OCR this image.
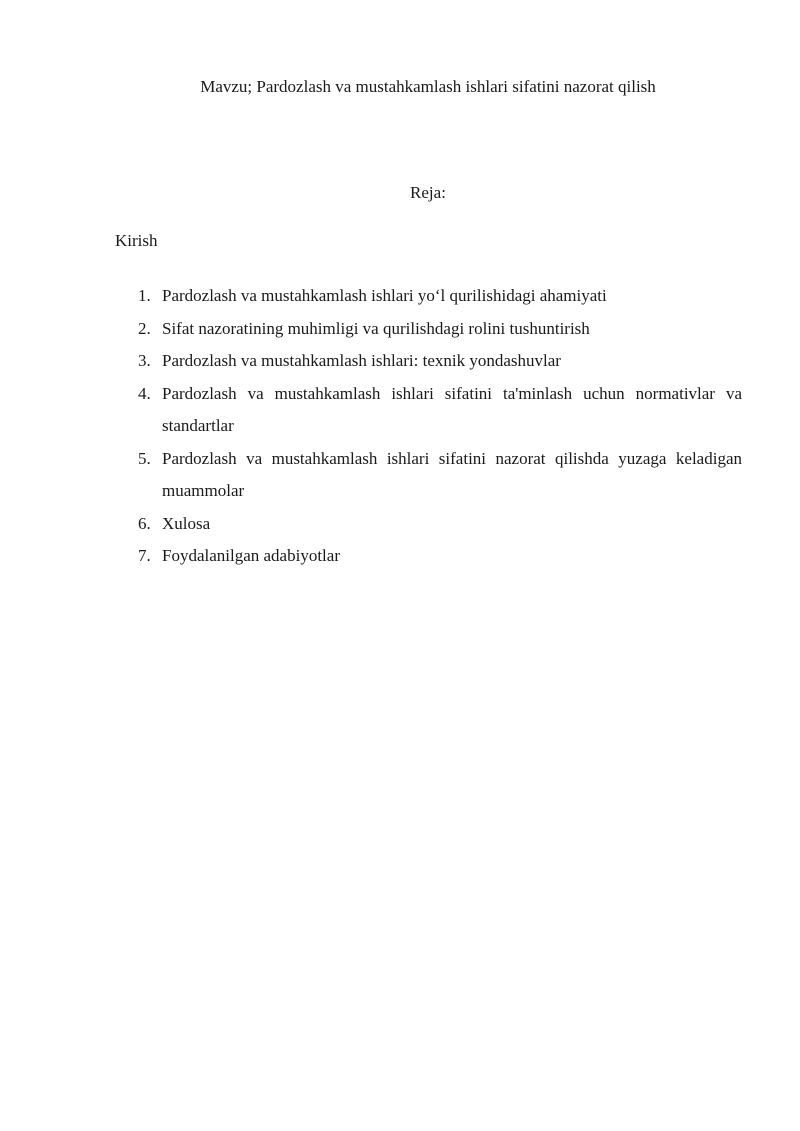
Mavzu; Pardozlash va mustahkamlash ishlari sifatini nazorat qilish
Reja:
Kirish
1. Pardozlash va mustahkamlash ishlari yo‘l qurilishidagi ahamiyati
2. Sifat nazoratining muhimligi va qurilishdagi rolini tushuntirish
3. Pardozlash va mustahkamlash ishlari: texnik yondashuvlar
4. Pardozlash va mustahkamlash ishlari sifatini ta'minlash uchun normativlar va standartlar
5. Pardozlash va mustahkamlash ishlari sifatini nazorat qilishda yuzaga keladigan muammolar
6. Xulosa
7. Foydalanilgan adabiyotlar
